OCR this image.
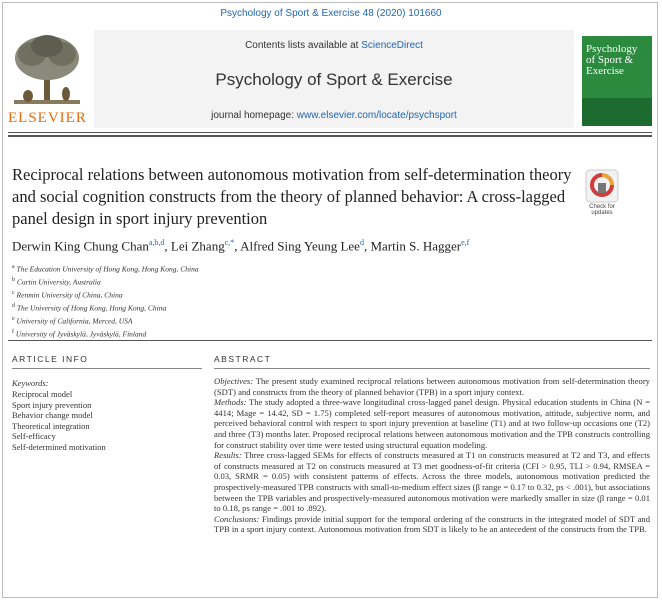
Psychology of Sport & Exercise 48 (2020) 101660
ELSEVIER
Contents lists available at ScienceDirect
Psychology of Sport & Exercise
journal homepage: www.elsevier.com/locate/psychsport
Psychology of Sport & Exercise
Reciprocal relations between autonomous motivation from self-determination theory and social cognition constructs from the theory of planned behavior: A cross-lagged panel design in sport injury prevention
Check for
updates
Derwin King Chung Chan$^{a,b,d}$, Lei Zhang$^{c,*}$, Alfred Sing Yeung Lee$^d$, Martin S. Hagger$^{e,f}$
$^a$ The Education University of Hong Kong, Hong Kong, China
$^b$ Curtin University, Australia
$^c$ Renmin University of China, China
$^d$ The University of Hong Kong, Hong Kong, China
$^e$ University of California, Merced, USA
$^f$ University of Jyväskylä, Jyväskylä, Finland
ARTICLE INFO	ABSTRACT
Keywords:
Reciprocal model
Sport injury prevention
Behavior change model
Theoretical integration
Self-efficacy
Self-determined motivation

Objectives: The present study examined reciprocal relations between autonomous motivation from self-determination theory (SDT) and constructs from the theory of planned behavior (TPB) in a sport injury context.

Methods: The study adopted a three-wave longitudinal cross-lagged panel design. Physical education students in China (N = 4414; Mage = 14.42, SD = 1.75) completed self-report measures of autonomous motivation, attitude, subjective norm, and perceived behavioral control with respect to sport injury prevention at baseline (T1) and at two follow-up occasions one (T2) and three (T3) months later. Proposed reciprocal relations between autonomous motivation and the TPB constructs controlling for construct stability over time were tested using structural equation modeling.

Results: Three cross-lagged SEMs for effects of constructs measured at T1 on constructs measured at T2 and T3, and effects of constructs measured at T2 on constructs measured at T3 met goodness-of-fit criteria (CFI > 0.95, TLI > 0.94, RMSEA = 0.03, SRMR = 0.05) with consistent patterns of effects. Across the three models, autonomous motivation predicted the prospectively-measured TPB constructs with small-to-medium effect sizes (β range = 0.17 to 0.32, ps < .001), but associations between the TPB variables and prospectively-measured autonomous motivation were markedly smaller in size (β range = 0.01 to 0.18, ps range = .001 to .892).

Conclusions: Findings provide initial support for the temporal ordering of the constructs in the integrated model of SDT and TPB in a sport injury context. Autonomous motivation from SDT is likely to be an antecedent of the constructs from the TPB.
